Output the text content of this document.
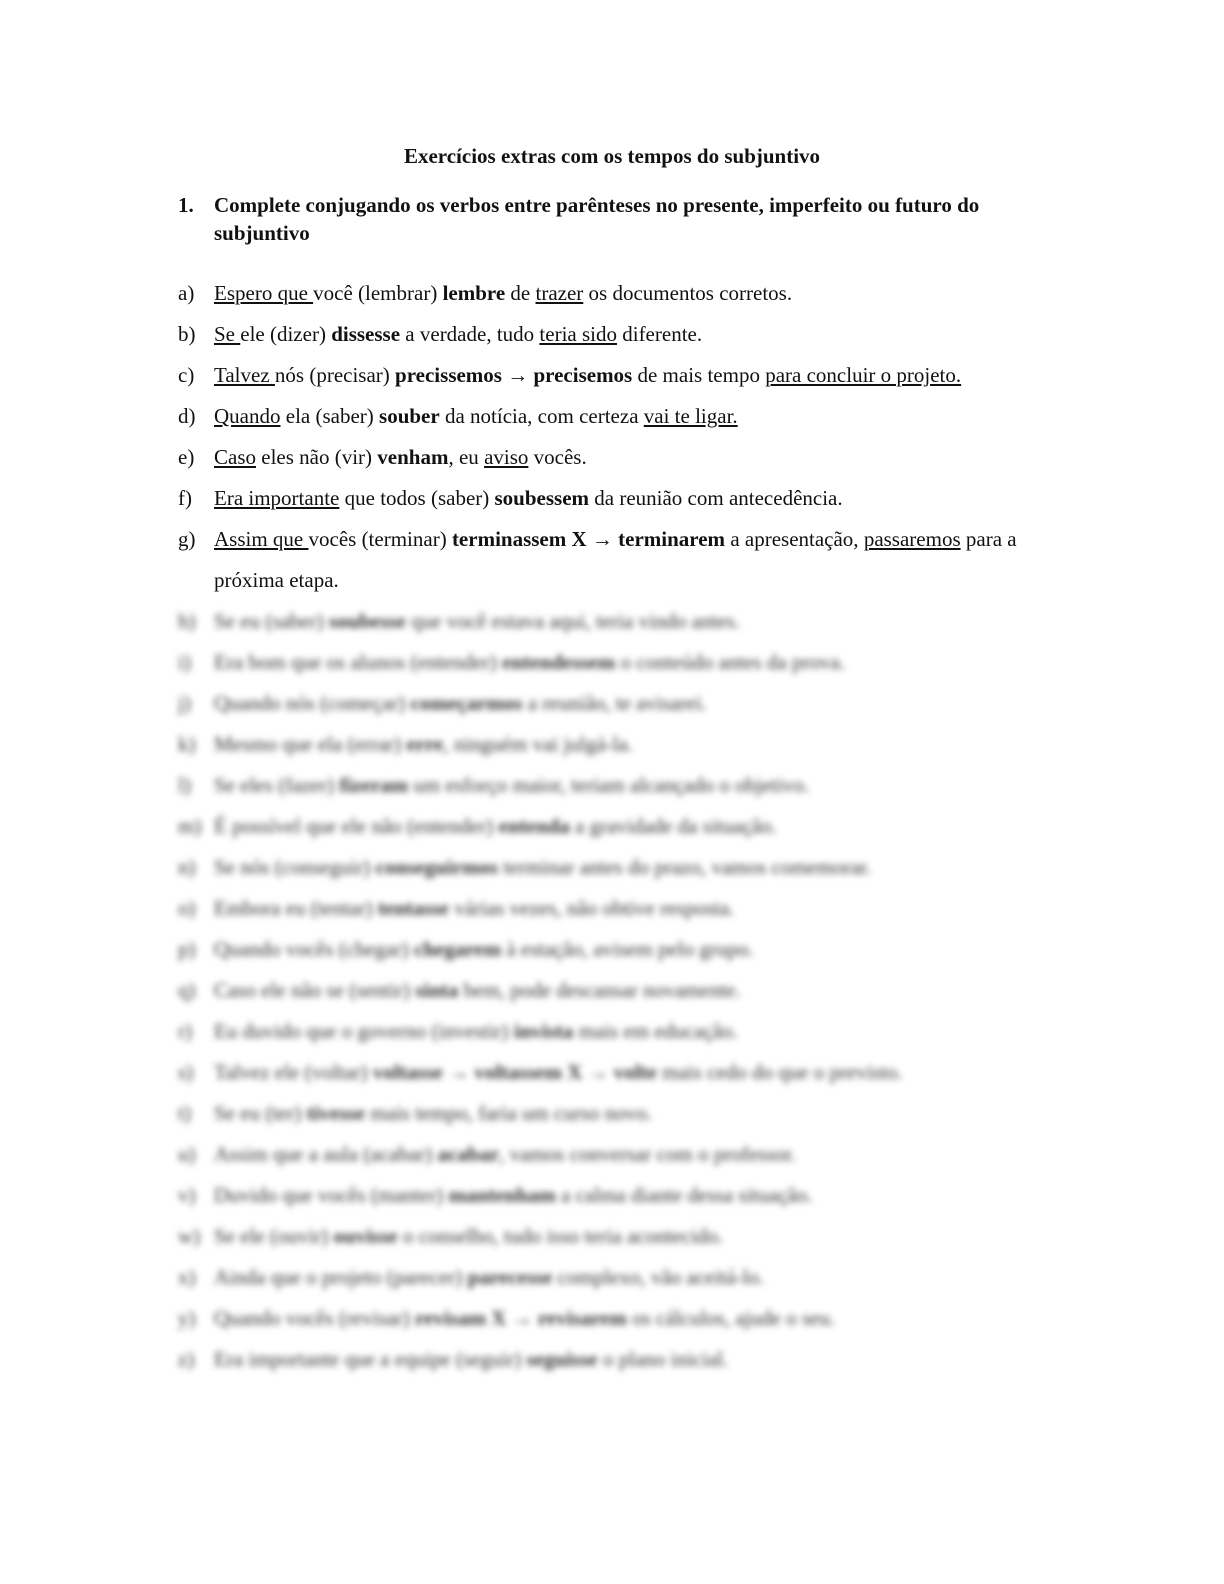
Exercícios extras com os tempos do subjuntivo
1. Complete conjugando os verbos entre parênteses no presente, imperfeito ou futuro do subjuntivo
a) Espero que você (lembrar) lembre de trazer os documentos corretos.
b) Se ele (dizer) dissesse a verdade, tudo teria sido diferente.
c) Talvez nós (precisar) precissemos → precisemos de mais tempo para concluir o projeto.
d) Quando ela (saber) souber da notícia, com certeza vai te ligar.
e) Caso eles não (vir) venham, eu aviso vocês.
f) Era importante que todos (saber) soubessem da reunião com antecedência.
g) Assim que vocês (terminar) terminassem X → terminarem a apresentação, passaremos para a próxima etapa.
h) Se eu (saber) soubesse que você estava aqui, teria vindo antes.
i) Era bom que os alunos (entender) entendessem o conteúdo antes da prova.
j) Quando nós (começar) começarmos a reunião, te avisarei.
k) Mesmo que ela (errar) erre, ninguém vai julgá-la.
l) Se eles (fazer) fizeram um esforço maior, teriam alcançado o objetivo.
m) É possível que ele não (entender) entenda a gravidade da situação.
n) Se nós (conseguir) conseguirmos terminar antes do prazo, vamos comemorar.
o) Embora eu (tentar) tentasse várias vezes, não obtive resposta.
p) Quando vocês (chegar) chegarem à estação, avisem pelo grupo.
q) Caso ele não se (sentir) sinta bem, pode descansar novamente.
r) Eu duvido que o governo (investir) invista mais em educação.
s) Talvez ele (voltar) voltasse → voltassem X → volte mais cedo do que o previsto.
t) Se eu (ter) tivesse mais tempo, faria um curso novo.
u) Assim que a aula (acabar) acabar, vamos conversar com o professor.
v) Duvido que vocês (manter) mantenham a calma diante dessa situação.
w) Se ele (ouvir) ouvisse o conselho, tudo isso teria acontecido.
x) Ainda que o projeto (parecer) parecesse complexo, vão aceitá-lo.
y) Quando vocês (revisar) revisam X → revisarem os cálculos, ajude o seu.
z) Era importante que a equipe (seguir) seguisse o plano inicial.
